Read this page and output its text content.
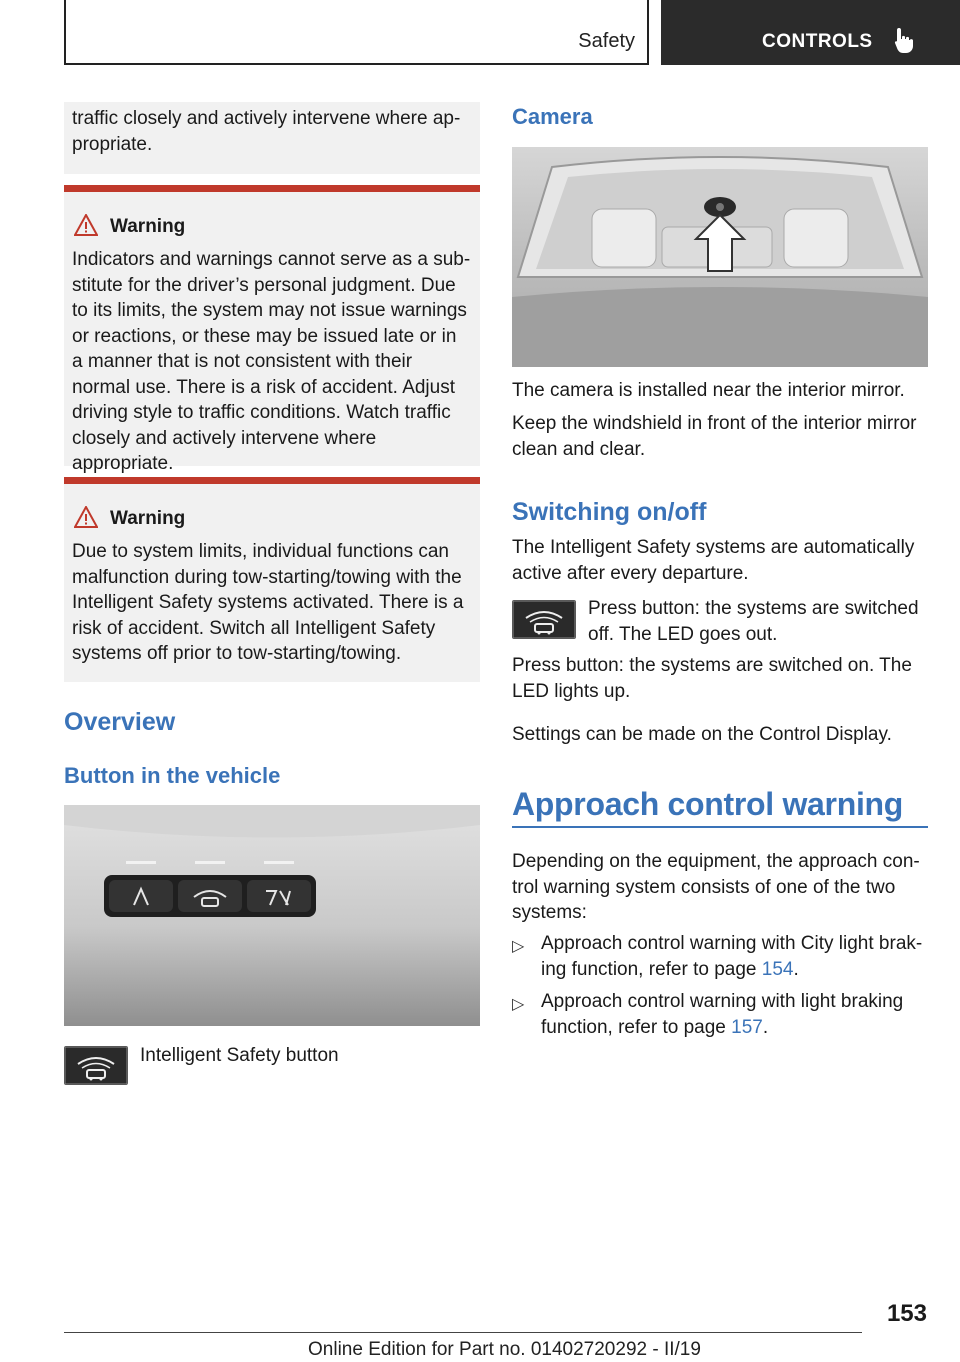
Safety	CONTROLS
traffic closely and actively intervene where ap-propriate.
Warning
Indicators and warnings cannot serve as a sub-stitute for the driver’s personal judgment. Due to its limits, the system may not issue warnings or reactions, or these may be issued late or in a manner that is not consistent with their normal use. There is a risk of accident. Adjust driving style to traffic conditions. Watch traffic closely and actively intervene where appropriate.
Warning
Due to system limits, individual functions can malfunction during tow-starting/towing with the Intelligent Safety systems activated. There is a risk of accident. Switch all Intelligent Safety systems off prior to tow-starting/towing.
Overview
Button in the vehicle
Intelligent Safety button
Camera
The camera is installed near the interior mirror.
Keep the windshield in front of the interior mirror clean and clear.
Switching on/off
The Intelligent Safety systems are automatically active after every departure.
Press button: the systems are switched off. The LED goes out.
Press button: the systems are switched on. The LED lights up.
Settings can be made on the Control Display.
Approach control warning
Depending on the equipment, the approach con-trol warning system consists of one of the two systems:
▷ Approach control warning with City light brak-ing function, refer to page 154.
▷ Approach control warning with light braking function, refer to page 157.
153
Online Edition for Part no. 01402720292 - II/19
